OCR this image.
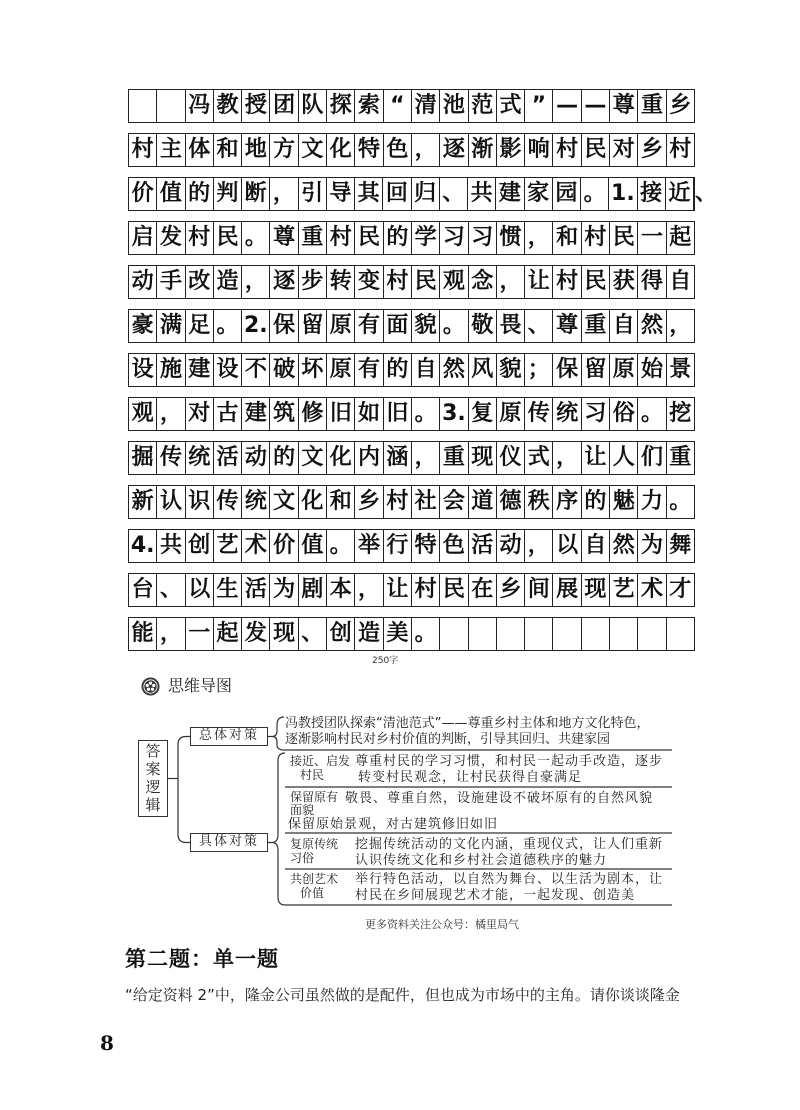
冯 教 授 团 队 探 索 “ 清 池 范 式 ” — — 尊 重 乡
村 主 体 和 地 方 文 化 特 色 ， 逐 渐 影 响 村 民 对 乡 村
价 值 的 判 断 ， 引 导 其 回 归 、 共 建 家 园 。 1. 接 近 、
启 发 村 民 。 尊 重 村 民 的 学 习 习 惯 ， 和 村 民 一 起
动 手 改 造 ， 逐 步 转 变 村 民 观 念 ， 让 村 民 获 得 自
豪 满 足 。 2. 保 留 原 有 面 貌 。 敬 畏 、 尊 重 自 然 ，
设 施 建 设 不 破 坏 原 有 的 自 然 风 貌 ； 保 留 原 始 景
观 ， 对 古 建 筑 修 旧 如 旧 。 3. 复 原 传 统 习 俗 。 挖
掘 传 统 活 动 的 文 化 内 涵 ， 重 现 仪 式 ， 让 人 们 重
新 认 识 传 统 文 化 和 乡 村 社 会 道 德 秩 序 的 魅 力 。
4. 共 创 艺 术 价 值 。 举 行 特 色 活 动 ， 以 自 然 为 舞
台 、 以 生 活 为 剧 本 ， 让 村 民 在 乡 间 展 现 艺 术 才
能 ， 一 起 发 现 、 创 造 美 。
250字
思维导图
答案逻辑
总体对策
具体对策
冯教授团队探索“清池范式”——尊重乡村主体和地方文化特色，
逐渐影响村民对乡村价值的判断，引导其回归、共建家园
接近、启发
村民
尊重村民的学习习惯，和村民一起动手改造，逐步
转变村民观念，让村民获得自豪满足
保留原有
面貌
敬畏、尊重自然，设施建设不破坏原有的自然风貌
保留原始景观，对古建筑修旧如旧
复原传统
习俗
挖掘传统活动的文化内涵，重现仪式，让人们重新
认识传统文化和乡村社会道德秩序的魅力
共创艺术
价值
举行特色活动，以自然为舞台、以生活为剧本，让
村民在乡间展现艺术才能，一起发现、创造美
更多资料关注公众号：橘里局气
第二题：单一题
“给定资料 2”中，隆金公司虽然做的是配件，但也成为市场中的主角。请你谈谈隆金
8
